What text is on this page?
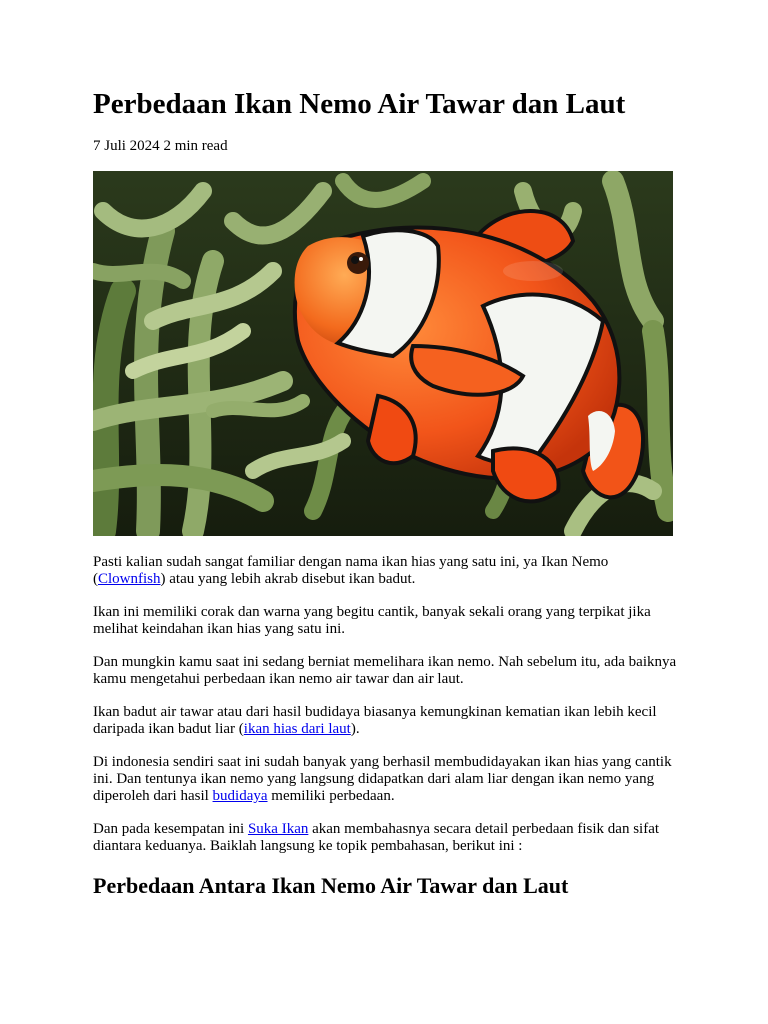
Perbedaan Ikan Nemo Air Tawar dan Laut
7 Juli 2024 2 min read

Pasti kalian sudah sangat familiar dengan nama ikan hias yang satu ini, ya Ikan Nemo (Clownfish) atau yang lebih akrab disebut ikan badut.

Ikan ini memiliki corak dan warna yang begitu cantik, banyak sekali orang yang terpikat jika melihat keindahan ikan hias yang satu ini.

Dan mungkin kamu saat ini sedang berniat memelihara ikan nemo. Nah sebelum itu, ada baiknya kamu mengetahui perbedaan ikan nemo air tawar dan air laut.

Ikan badut air tawar atau dari hasil budidaya biasanya kemungkinan kematian ikan lebih kecil daripada ikan badut liar (ikan hias dari laut).

Di indonesia sendiri saat ini sudah banyak yang berhasil membudidayakan ikan hias yang cantik ini. Dan tentunya ikan nemo yang langsung didapatkan dari alam liar dengan ikan nemo yang diperoleh dari hasil budidaya memiliki perbedaan.

Dan pada kesempatan ini Suka Ikan akan membahasnya secara detail perbedaan fisik dan sifat diantara keduanya. Baiklah langsung ke topik pembahasan, berikut ini :

Perbedaan Antara Ikan Nemo Air Tawar dan Laut
